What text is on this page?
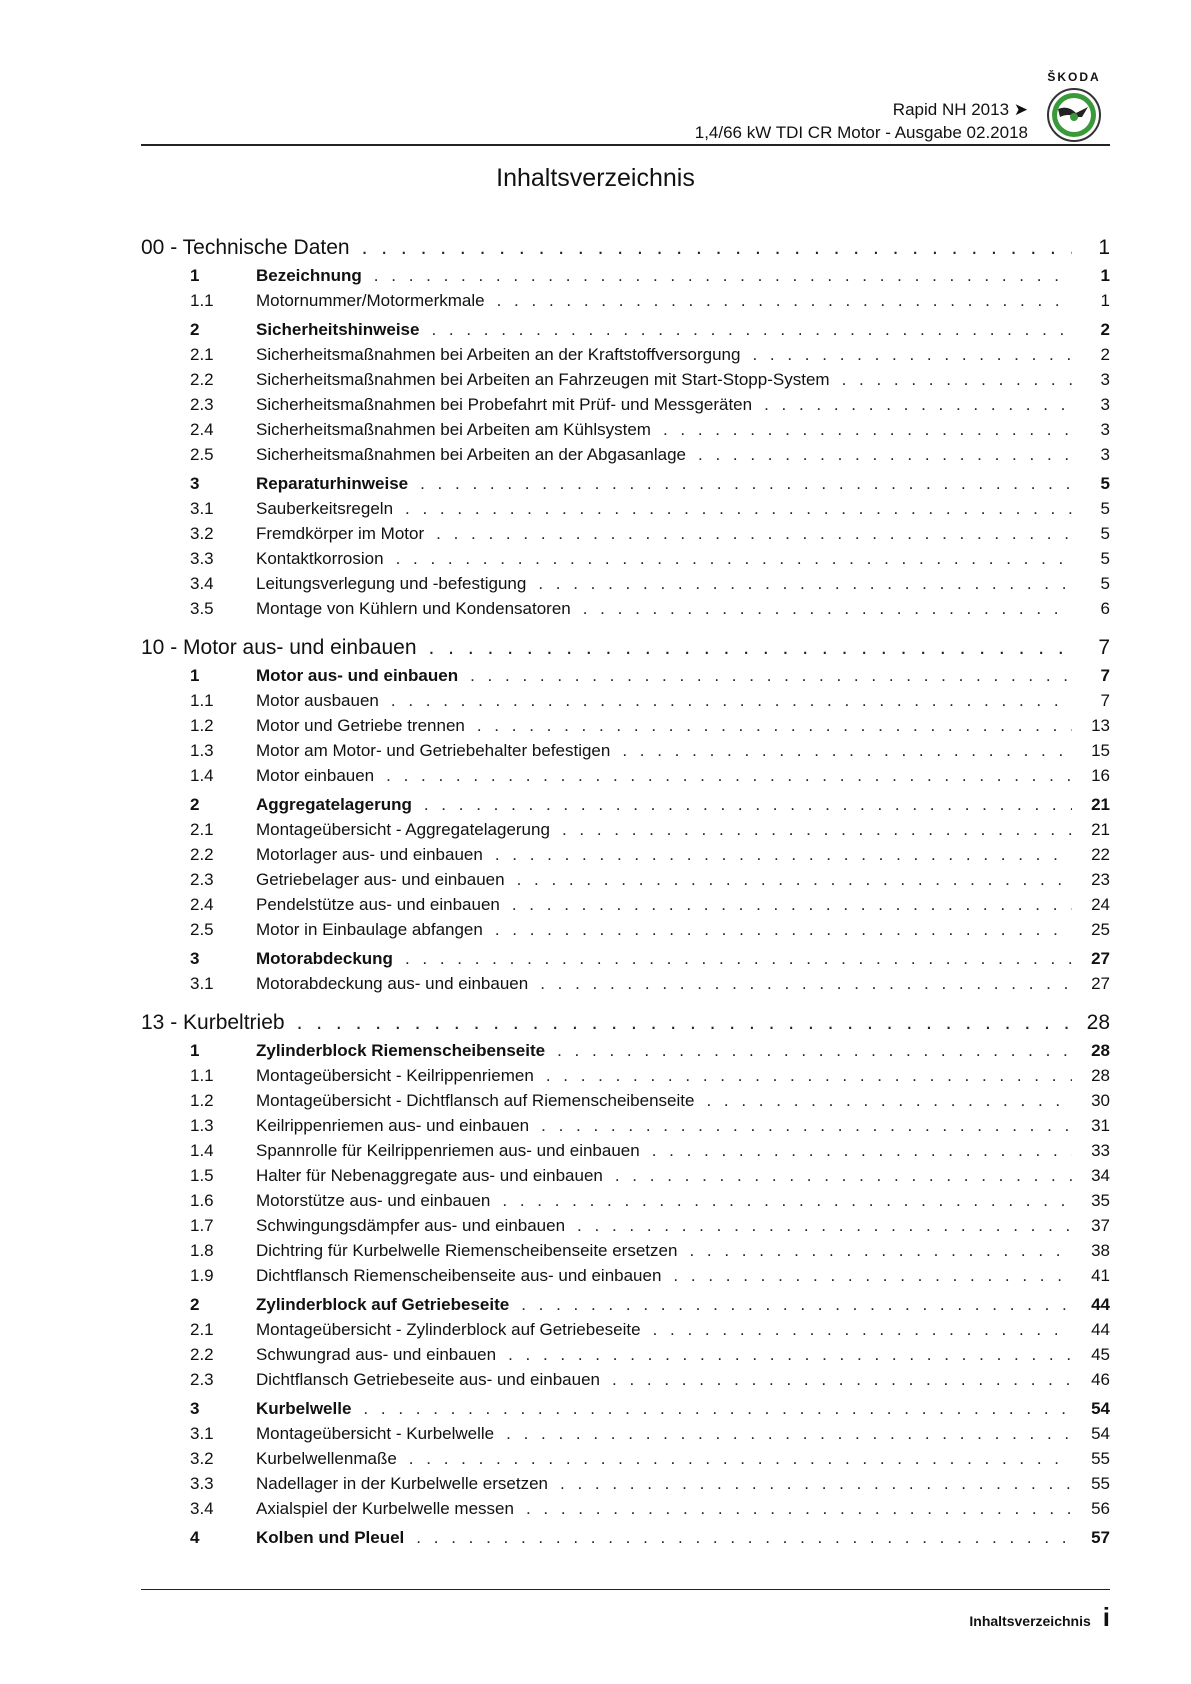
Rapid NH 2013 ➤
1,4/66 kW TDI CR Motor - Ausgabe 02.2018
ŠKODA
Inhaltsverzeichnis
00 - Technische Daten . . .	1
1	Bezeichnung . . .	1
1.1	Motornummer/Motormerkmale . . .	1
2	Sicherheitshinweise . . .	2
2.1	Sicherheitsmaßnahmen bei Arbeiten an der Kraftstoffversorgung . . .	2
2.2	Sicherheitsmaßnahmen bei Arbeiten an Fahrzeugen mit Start-Stopp-System . . .	3
2.3	Sicherheitsmaßnahmen bei Probefahrt mit Prüf- und Messgeräten . . .	3
2.4	Sicherheitsmaßnahmen bei Arbeiten am Kühlsystem . . .	3
2.5	Sicherheitsmaßnahmen bei Arbeiten an der Abgasanlage . . .	3
3	Reparaturhinweise . . .	5
3.1	Sauberkeitsregeln . . .	5
3.2	Fremdkörper im Motor . . .	5
3.3	Kontaktkorrosion . . .	5
3.4	Leitungsverlegung und -befestigung . . .	5
3.5	Montage von Kühlern und Kondensatoren . . .	6
10 - Motor aus- und einbauen . . .	7
1	Motor aus- und einbauen . . .	7
1.1	Motor ausbauen . . .	7
1.2	Motor und Getriebe trennen . . .	13
1.3	Motor am Motor- und Getriebehalter befestigen . . .	15
1.4	Motor einbauen . . .	16
2	Aggregatelagerung . . .	21
2.1	Montageübersicht - Aggregatelagerung . . .	21
2.2	Motorlager aus- und einbauen . . .	22
2.3	Getriebelager aus- und einbauen . . .	23
2.4	Pendelstütze aus- und einbauen . . .	24
2.5	Motor in Einbaulage abfangen . . .	25
3	Motorabdeckung . . .	27
3.1	Motorabdeckung aus- und einbauen . . .	27
13 - Kurbeltrieb . . .	28
1	Zylinderblock Riemenscheibenseite . . .	28
1.1	Montageübersicht - Keilrippenriemen . . .	28
1.2	Montageübersicht - Dichtflansch auf Riemenscheibenseite . . .	30
1.3	Keilrippenriemen aus- und einbauen . . .	31
1.4	Spannrolle für Keilrippenriemen aus- und einbauen . . .	33
1.5	Halter für Nebenaggregate aus- und einbauen . . .	34
1.6	Motorstütze aus- und einbauen . . .	35
1.7	Schwingungsdämpfer aus- und einbauen . . .	37
1.8	Dichtring für Kurbelwelle Riemenscheibenseite ersetzen . . .	38
1.9	Dichtflansch Riemenscheibenseite aus- und einbauen . . .	41
2	Zylinderblock auf Getriebeseite . . .	44
2.1	Montageübersicht - Zylinderblock auf Getriebeseite . . .	44
2.2	Schwungrad aus- und einbauen . . .	45
2.3	Dichtflansch Getriebeseite aus- und einbauen . . .	46
3	Kurbelwelle . . .	54
3.1	Montageübersicht - Kurbelwelle . . .	54
3.2	Kurbelwellenmaße . . .	55
3.3	Nadellager in der Kurbelwelle ersetzen . . .	55
3.4	Axialspiel der Kurbelwelle messen . . .	56
4	Kolben und Pleuel . . .	57
Inhaltsverzeichnis i
